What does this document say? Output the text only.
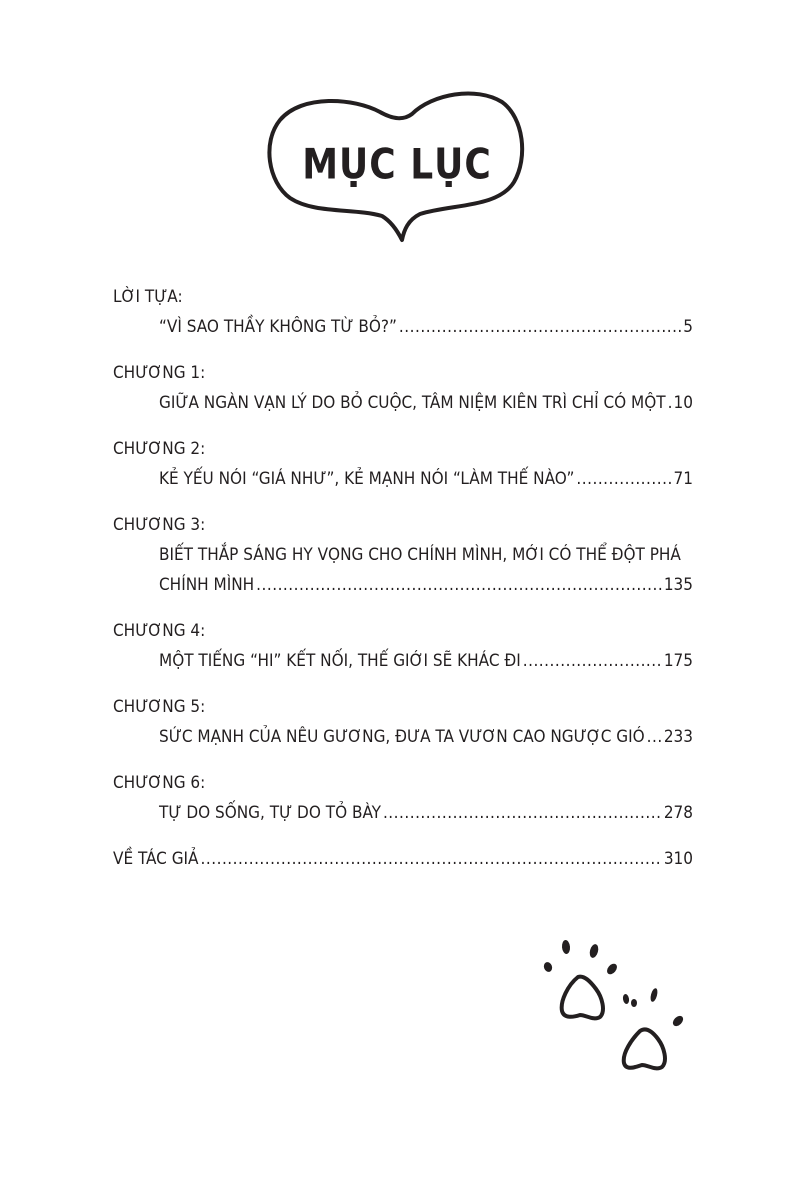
MỤC LỤC
LỜI TỰA:
“VÌ SAO THẦY KHÔNG TỪ BỎ?” .....	5
CHƯƠNG 1:
GIỮA NGÀN VẠN LÝ DO BỎ CUỘC, TÂM NIỆM KIÊN TRÌ CHỈ CÓ MỘT ..... 10
CHƯƠNG 2:
KẺ YẾU NÓI “GIÁ NHƯ”, KẺ MẠNH NÓI “LÀM THẾ NÀO” .....	71
CHƯƠNG 3:
BIẾT THẮP SÁNG HY VỌNG CHO CHÍNH MÌNH, MỚI CÓ THỂ ĐỘT PHÁ
CHÍNH MÌNH .....	135
CHƯƠNG 4:
MỘT TIẾNG “HI” KẾT NỐI, THẾ GIỚI SẼ KHÁC ĐI .....	175
CHƯƠNG 5:
SỨC MẠNH CỦA NÊU GƯƠNG, ĐƯA TA VƯƠN CAO NGƯỢC GIÓ ..... 233
CHƯƠNG 6:
TỰ DO SỐNG, TỰ DO TỎ BÀY .....	278
VỀ TÁC GIẢ .....	310
